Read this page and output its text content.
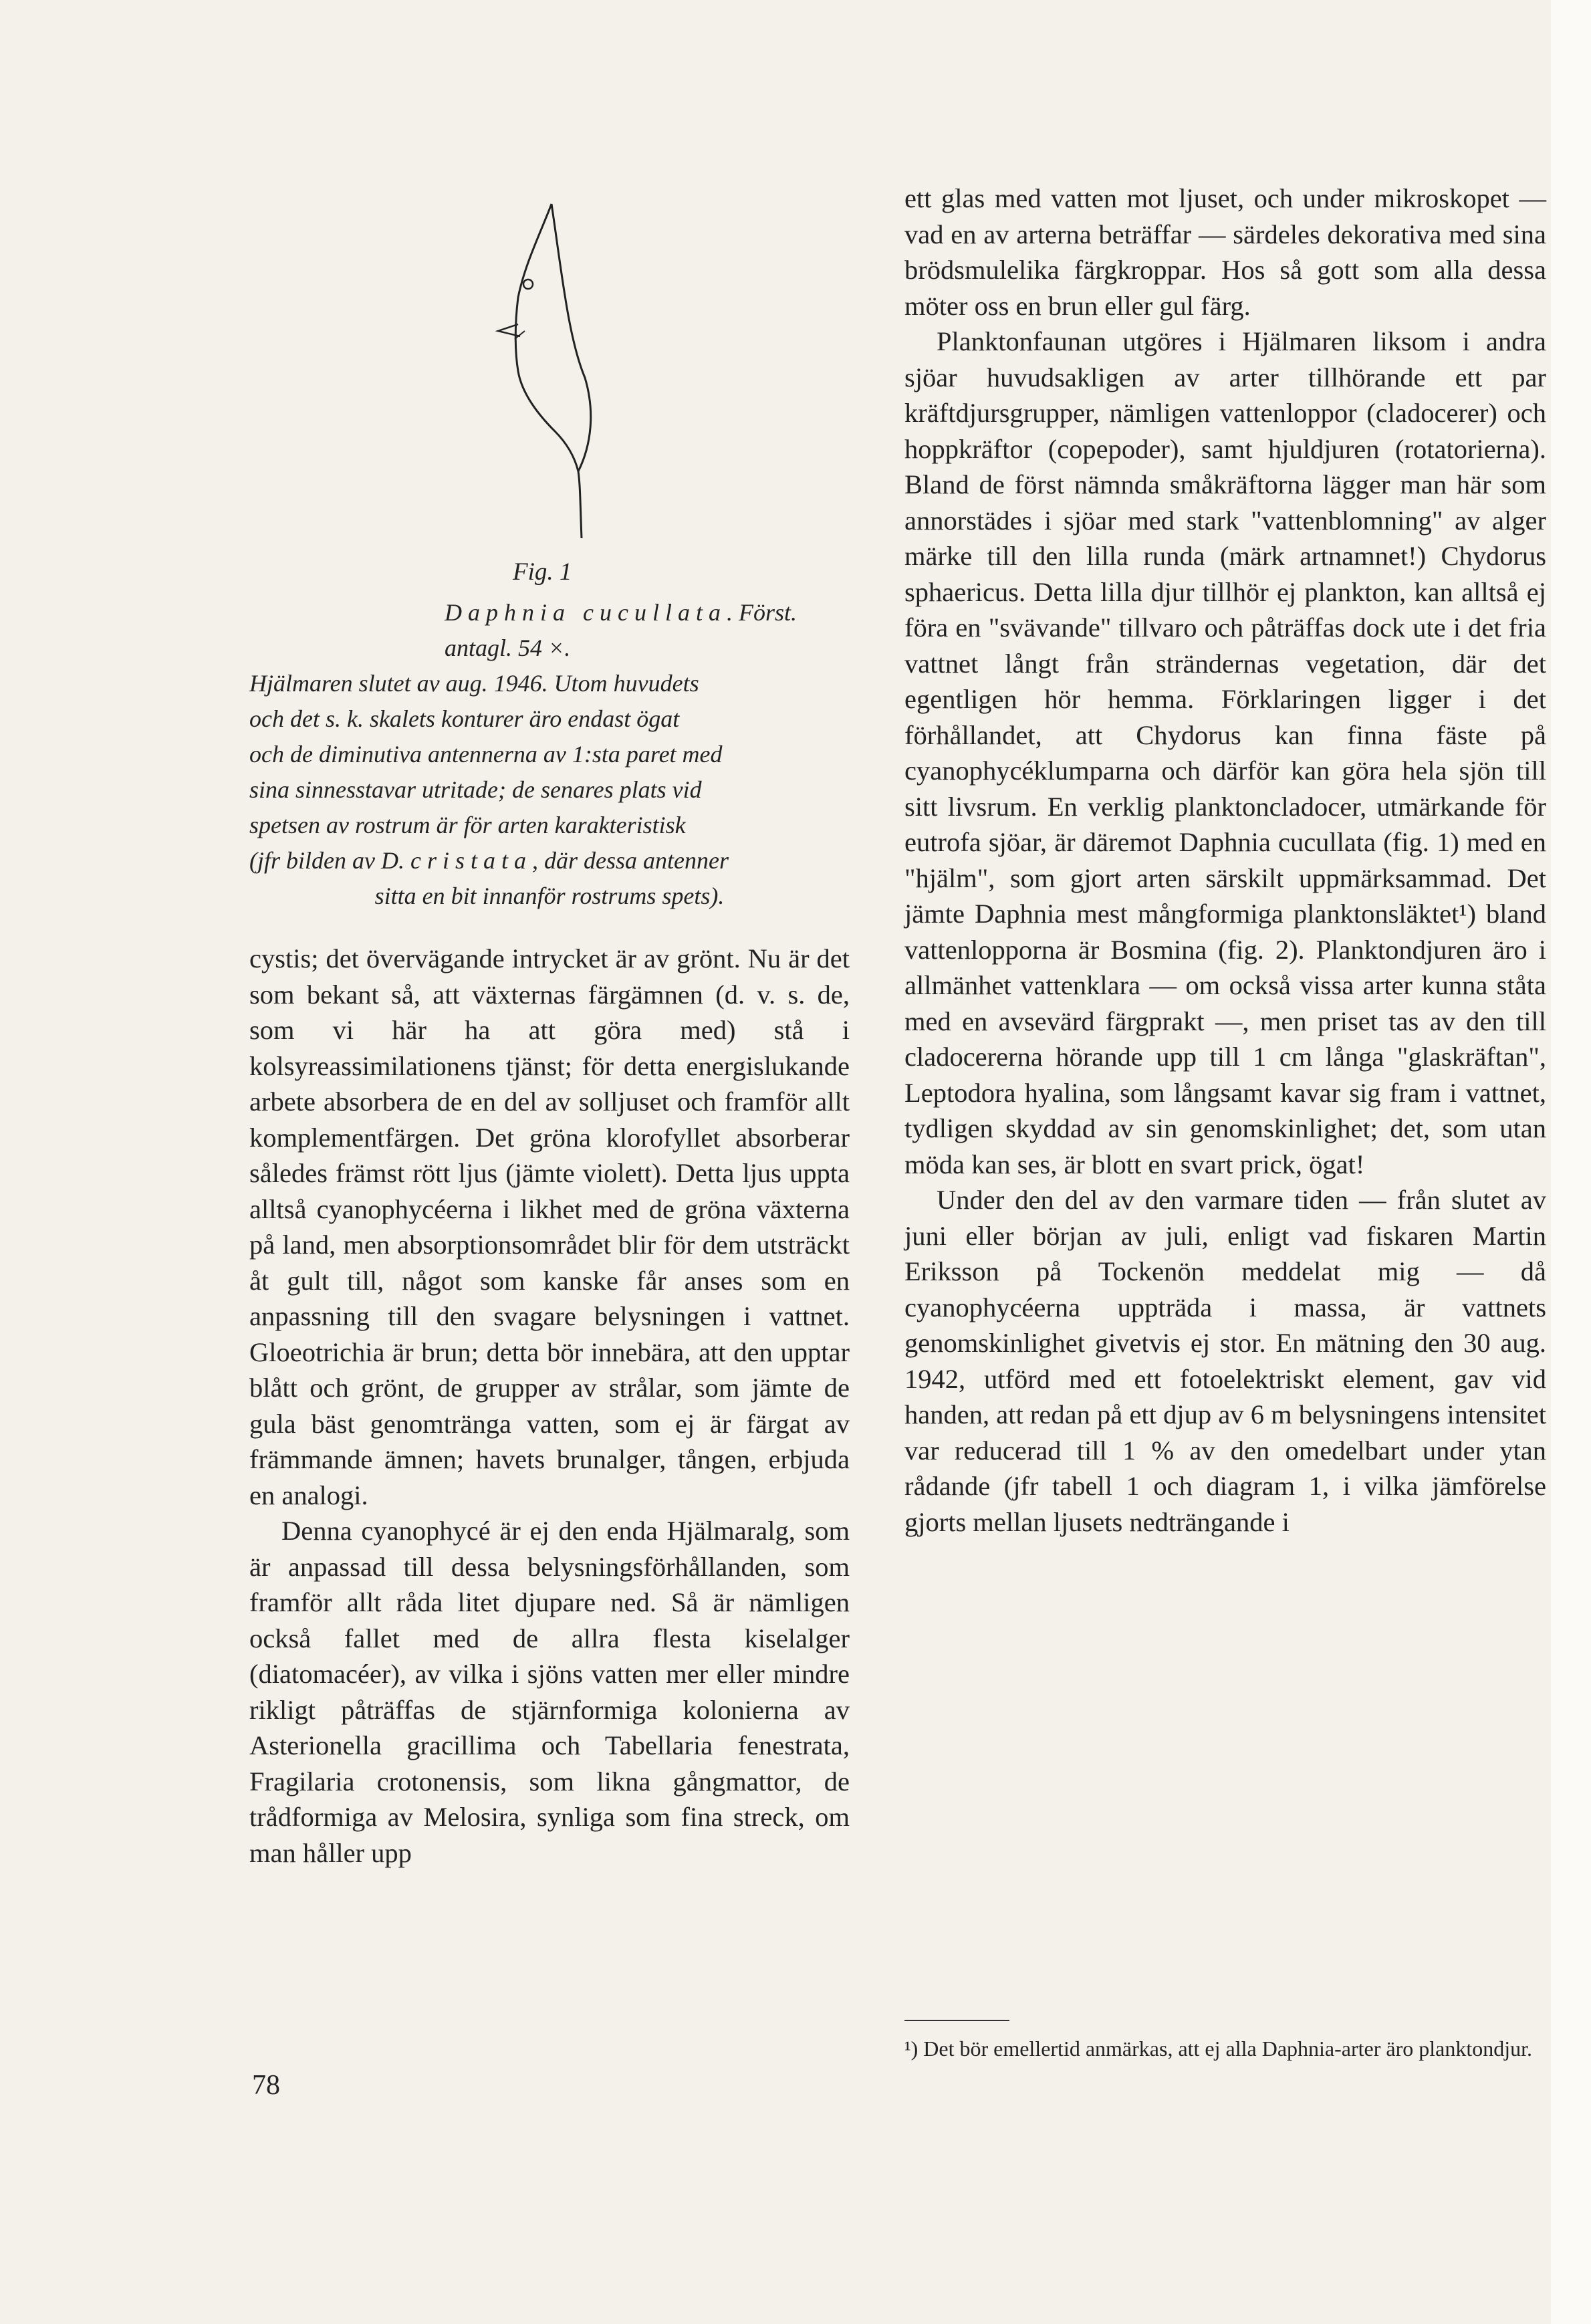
Fig. 1
Daphnia cucullata. Först. antagl. 54 ×.
Hjälmaren slutet av aug. 1946. Utom huvudets
och det s. k. skalets konturer äro endast ögat
och de diminutiva antennerna av 1:sta paret med
sina sinnesstavar utritade; de senares plats vid
spetsen av rostrum är för arten karakteristisk
(jfr bilden av D. cristata, där dessa antenner
sitta en bit innanför rostrums spets).

cystis; det övervägande intrycket är av grönt. Nu är det som bekant så, att växternas färgämnen (d. v. s. de, som vi här ha att göra med) stå i kolsyreassimilationens tjänst; för detta energislukande arbete absorbera de en del av solljuset och framför allt komplementfärgen. Det gröna klorofyllet absorberar således främst rött ljus (jämte violett). Detta ljus uppta alltså cyanophycéerna i likhet med de gröna växterna på land, men absorptionsområdet blir för dem utsträckt åt gult till, något som kanske får anses som en anpassning till den svagare belysningen i vattnet. Gloeotrichia är brun; detta bör innebära, att den upptar blått och grönt, de grupper av strålar, som jämte de gula bäst genomtränga vatten, som ej är färgat av främmande ämnen; havets brunalger, tången, erbjuda en analogi.

Denna cyanophycé är ej den enda Hjälmaralg, som är anpassad till dessa belysningsförhållanden, som framför allt råda litet djupare ned. Så är nämligen också fallet med de allra flesta kiselalger (diatomacéer), av vilka i sjöns vatten mer eller mindre rikligt påträffas de stjärnformiga kolonierna av Asterionella gracillima och Tabellaria fenestrata, Fragilaria crotonensis, som likna gångmattor, de trådformiga av Melosira, synliga som fina streck, om man håller upp

ett glas med vatten mot ljuset, och under mikroskopet — vad en av arterna beträffar — särdeles dekorativa med sina brödsmulelika färgkroppar. Hos så gott som alla dessa möter oss en brun eller gul färg.

Planktonfaunan utgöres i Hjälmaren liksom i andra sjöar huvudsakligen av arter tillhörande ett par kräftdjursgrupper, nämligen vattenloppor (cladocerer) och hoppkräftor (copepoder), samt hjuldjuren (rotatorierna). Bland de först nämnda småkräftorna lägger man här som annorstädes i sjöar med stark "vattenblomning" av alger märke till den lilla runda (märk artnamnet!) Chydorus sphaericus. Detta lilla djur tillhör ej plankton, kan alltså ej föra en "svävande" tillvaro och påträffas dock ute i det fria vattnet långt från strändernas vegetation, där det egentligen hör hemma. Förklaringen ligger i det förhållandet, att Chydorus kan finna fäste på cyanophycéklumparna och därför kan göra hela sjön till sitt livsrum. En verklig planktoncladocer, utmärkande för eutrofa sjöar, är däremot Daphnia cucullata (fig. 1) med en "hjälm", som gjort arten särskilt uppmärksammad. Det jämte Daphnia mest mångformiga planktonsläktet¹) bland vattenlopporna är Bosmina (fig. 2). Planktondjuren äro i allmänhet vattenklara — om också vissa arter kunna ståta med en avsevärd färgprakt —, men priset tas av den till cladocererna hörande upp till 1 cm långa "glaskräftan", Leptodora hyalina, som långsamt kavar sig fram i vattnet, tydligen skyddad av sin genomskinlighet; det, som utan möda kan ses, är blott en svart prick, ögat!

Under den del av den varmare tiden — från slutet av juni eller början av juli, enligt vad fiskaren Martin Eriksson på Tockenön meddelat mig — då cyanophycéerna uppträda i massa, är vattnets genomskinlighet givetvis ej stor. En mätning den 30 aug. 1942, utförd med ett fotoelektriskt element, gav vid handen, att redan på ett djup av 6 m belysningens intensitet var reducerad till 1 % av den omedelbart under ytan rådande (jfr tabell 1 och diagram 1, i vilka jämförelse gjorts mellan ljusets nedträngande i

¹) Det bör emellertid anmärkas, att ej alla Daphnia-arter äro planktondjur.
78
